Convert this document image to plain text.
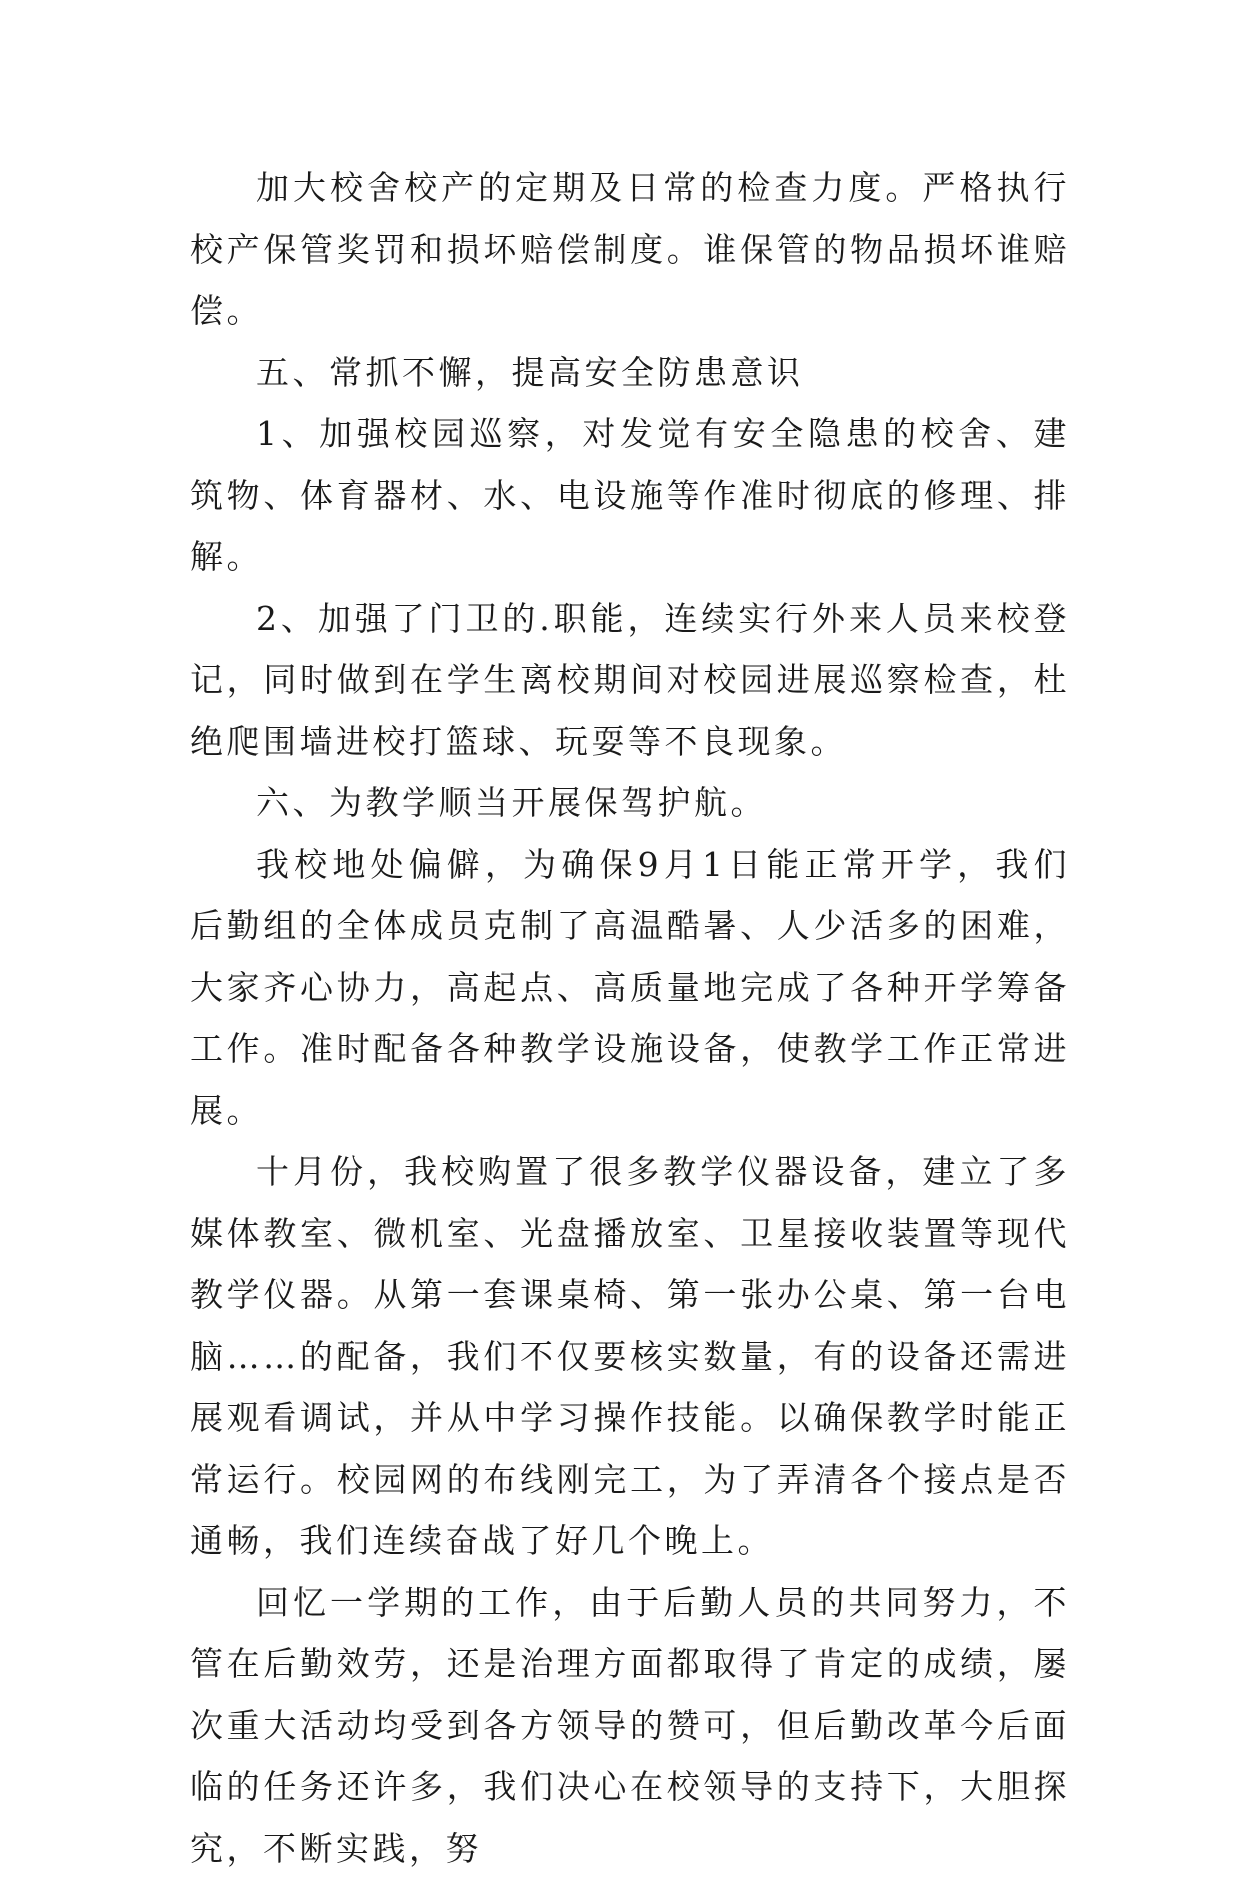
加大校舍校产的定期及日常的检查力度。严格执行校产保管奖罚和损坏赔偿制度。谁保管的物品损坏谁赔偿。

五、常抓不懈，提高安全防患意识

1、加强校园巡察，对发觉有安全隐患的校舍、建筑物、体育器材、水、电设施等作准时彻底的修理、排解。

2、加强了门卫的.职能，连续实行外来人员来校登记，同时做到在学生离校期间对校园进展巡察检查，杜绝爬围墙进校打篮球、玩耍等不良现象。

六、为教学顺当开展保驾护航。

我校地处偏僻，为确保9月1日能正常开学，我们后勤组的全体成员克制了高温酷暑、人少活多的困难，大家齐心协力，高起点、高质量地完成了各种开学筹备工作。准时配备各种教学设施设备，使教学工作正常进展。

十月份，我校购置了很多教学仪器设备，建立了多媒体教室、微机室、光盘播放室、卫星接收装置等现代教学仪器。从第一套课桌椅、第一张办公桌、第一台电脑……的配备，我们不仅要核实数量，有的设备还需进展观看调试，并从中学习操作技能。以确保教学时能正常运行。校园网的布线刚完工，为了弄清各个接点是否通畅，我们连续奋战了好几个晚上。

回忆一学期的工作，由于后勤人员的共同努力，不管在后勤效劳，还是治理方面都取得了肯定的成绩，屡次重大活动均受到各方领导的赞可，但后勤改革今后面临的任务还许多，我们决心在校领导的支持下，大胆探究，不断实践，努
